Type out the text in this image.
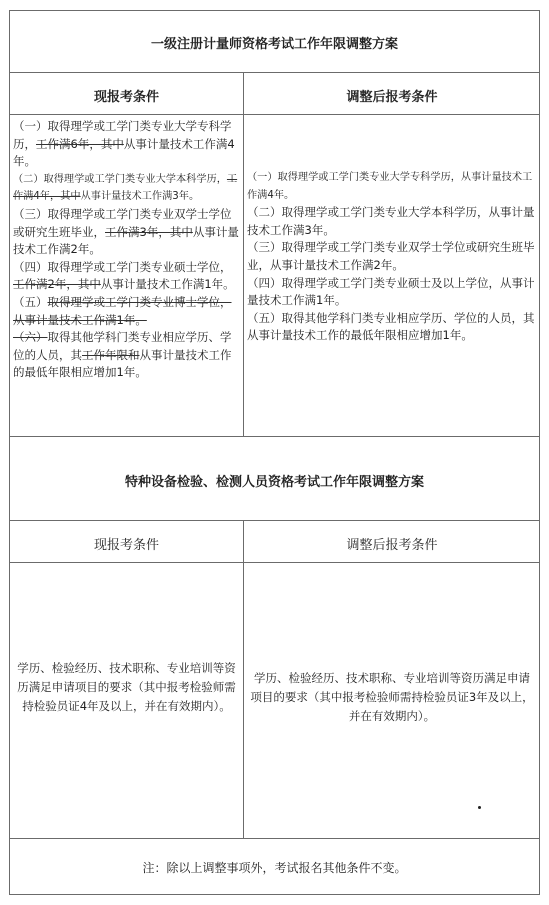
一级注册计量师资格考试工作年限调整方案
现报考条件	调整后报考条件
（一）取得理学或工学门类专业大学专科学历，工作满6年，其中从事计量技术工作满4年。
（二）取得理学或工学门类专业大学本科学历，工作满4年，其中从事计量技术工作满3年。
（三）取得理学或工学门类专业双学士学位或研究生班毕业，工作满3年，其中从事计量技术工作满2年。
（四）取得理学或工学门类专业硕士学位，工作满2年，其中从事计量技术工作满1年。
（五）取得理学或工学门类专业博士学位，从事计量技术工作满1年。
（六）取得其他学科门类专业相应学历、学位的人员，其工作年限和从事计量技术工作的最低年限相应增加1年。
（一）取得理学或工学门类专业大学专科学历，从事计量技术工作满4年。
（二）取得理学或工学门类专业大学本科学历，从事计量技术工作满3年。
（三）取得理学或工学门类专业双学士学位或研究生班毕业，从事计量技术工作满2年。
（四）取得理学或工学门类专业硕士及以上学位，从事计量技术工作满1年。
（五）取得其他学科门类专业相应学历、学位的人员，其从事计量技术工作的最低年限相应增加1年。
特种设备检验、检测人员资格考试工作年限调整方案
现报考条件	调整后报考条件
学历、检验经历、技术职称、专业培训等资历满足申请项目的要求（其中报考检验师需持检验员证4年及以上，并在有效期内）。
学历、检验经历、技术职称、专业培训等资历满足申请项目的要求（其中报考检验师需持检验员证3年及以上，并在有效期内）。
注：除以上调整事项外，考试报名其他条件不变。
